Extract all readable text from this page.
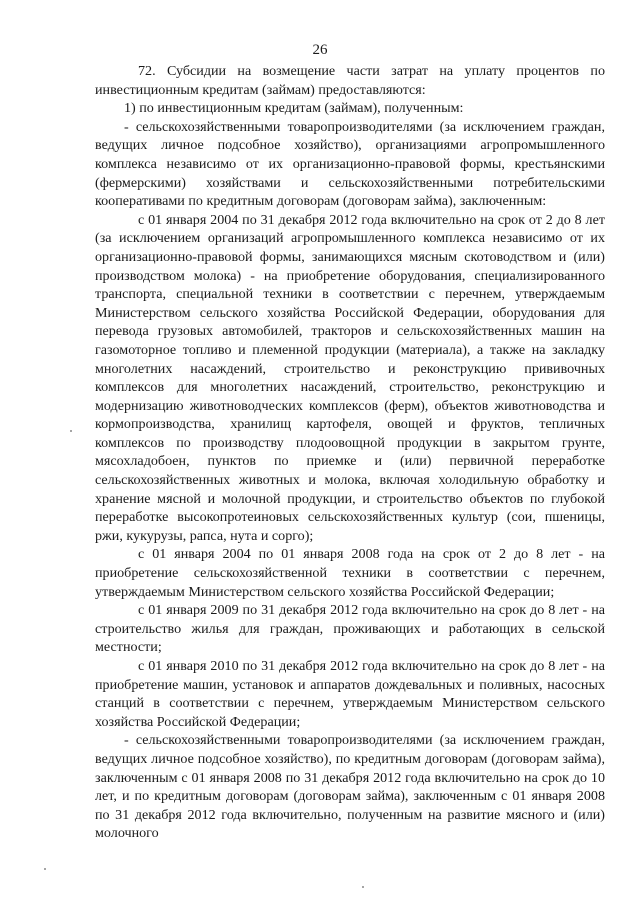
26

72. Субсидии на возмещение части затрат на уплату процентов по инвестиционным кредитам (займам) предоставляются:

1) по инвестиционным кредитам (займам), полученным:

- сельскохозяйственными товаропроизводителями (за исключением граждан, ведущих личное подсобное хозяйство), организациями агропромышленного комплекса независимо от их организационно-правовой формы, крестьянскими (фермерскими) хозяйствами и сельскохозяйственными потребительскими кооперативами по кредитным договорам (договорам займа), заключенным:

с 01 января 2004 по 31 декабря 2012 года включительно на срок от 2 до 8 лет (за исключением организаций агропромышленного комплекса независимо от их организационно-правовой формы, занимающихся мясным скотоводством и (или) производством молока) - на приобретение оборудования, специализированного транспорта, специальной техники в соответствии с перечнем, утверждаемым Министерством сельского хозяйства Российской Федерации, оборудования для перевода грузовых автомобилей, тракторов и сельскохозяйственных машин на газомоторное топливо и племенной продукции (материала), а также на закладку многолетних насаждений, строительство и реконструкцию прививочных комплексов для многолетних насаждений, строительство, реконструкцию и модернизацию животноводческих комплексов (ферм), объектов животноводства и кормопроизводства, хранилищ картофеля, овощей и фруктов, тепличных комплексов по производству плодоовощной продукции в закрытом грунте, мясохладобоен, пунктов по приемке и (или) первичной переработке сельскохозяйственных животных и молока, включая холодильную обработку и хранение мясной и молочной продукции, и строительство объектов по глубокой переработке высокопротеиновых сельскохозяйственных культур (сои, пшеницы, ржи, кукурузы, рапса, нута и сорго);

с 01 января 2004 по 01 января 2008 года на срок от 2 до 8 лет - на приобретение сельскохозяйственной техники в соответствии с перечнем, утверждаемым Министерством сельского хозяйства Российской Федерации;

с 01 января 2009 по 31 декабря 2012 года включительно на срок до 8 лет - на строительство жилья для граждан, проживающих и работающих в сельской местности;

с 01 января 2010 по 31 декабря 2012 года включительно на срок до 8 лет - на приобретение машин, установок и аппаратов дождевальных и поливных, насосных станций в соответствии с перечнем, утверждаемым Министерством сельского хозяйства Российской Федерации;

- сельскохозяйственными товаропроизводителями (за исключением граждан, ведущих личное подсобное хозяйство), по кредитным договорам (договорам займа), заключенным с 01 января 2008 по 31 декабря 2012 года включительно на срок до 10 лет, и по кредитным договорам (договорам займа), заключенным с 01 января 2008 по 31 декабря 2012 года включительно, полученным на развитие мясного и (или) молочного
